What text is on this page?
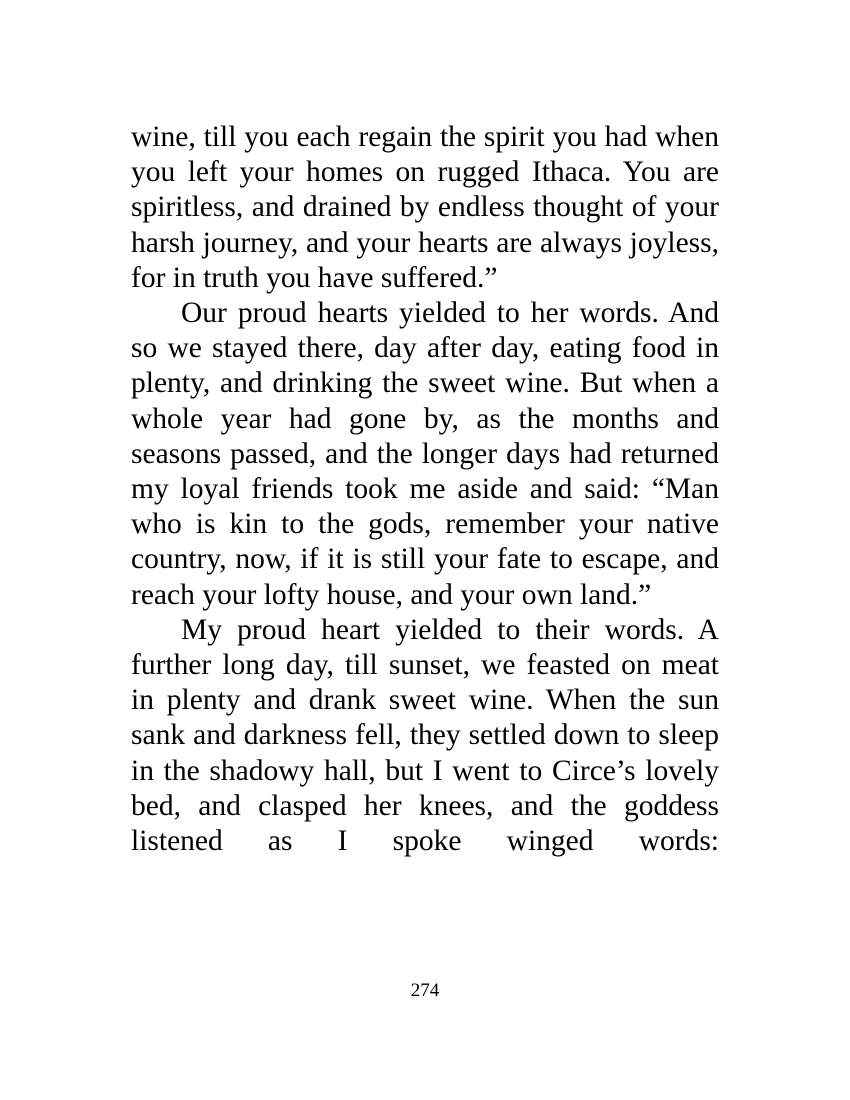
wine, till you each regain the spirit you had when you left your homes on rugged Ithaca. You are spiritless, and drained by endless thought of your harsh journey, and your hearts are always joyless, for in truth you have suffered.”

Our proud hearts yielded to her words. And so we stayed there, day after day, eating food in plenty, and drinking the sweet wine. But when a whole year had gone by, as the months and seasons passed, and the longer days had returned my loyal friends took me aside and said: “Man who is kin to the gods, remember your native country, now, if it is still your fate to escape, and reach your lofty house, and your own land.”

My proud heart yielded to their words. A further long day, till sunset, we feasted on meat in plenty and drank sweet wine. When the sun sank and darkness fell, they settled down to sleep in the shadowy hall, but I went to Circe’s lovely bed, and clasped her knees, and the goddess listened as I spoke winged words:

274
